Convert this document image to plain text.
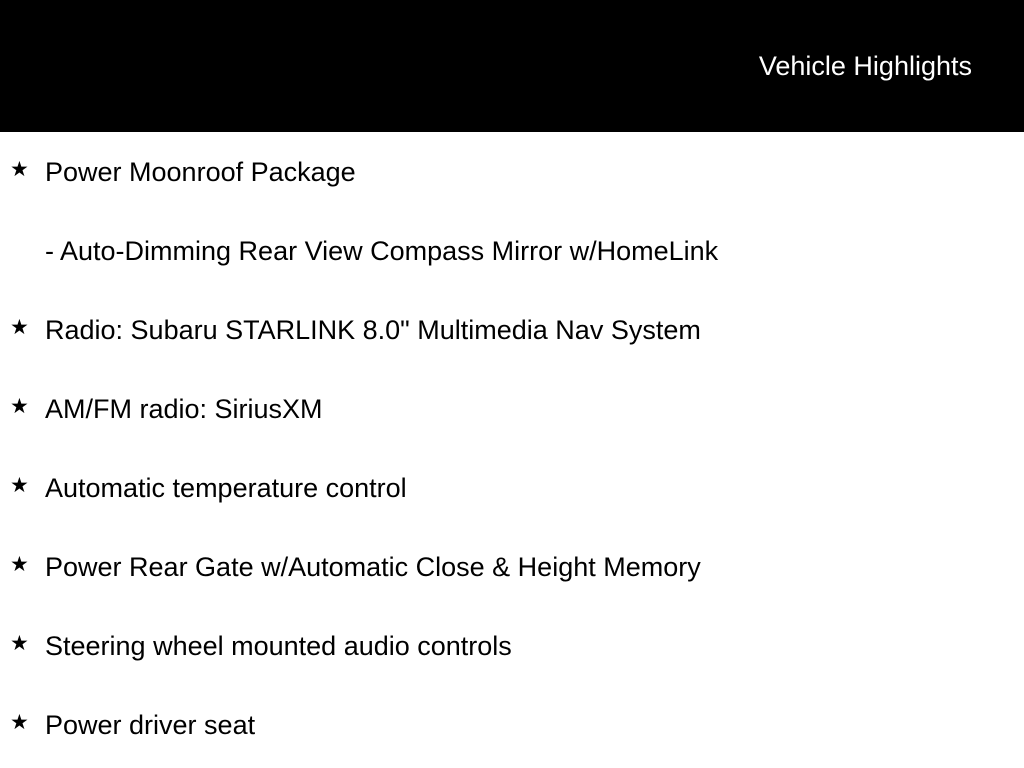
Vehicle Highlights
★ Power Moonroof Package
- Auto-Dimming Rear View Compass Mirror w/HomeLink
★ Radio: Subaru STARLINK 8.0" Multimedia Nav System
★ AM/FM radio: SiriusXM
★ Automatic temperature control
★ Power Rear Gate w/Automatic Close & Height Memory
★ Steering wheel mounted audio controls
★ Power driver seat
